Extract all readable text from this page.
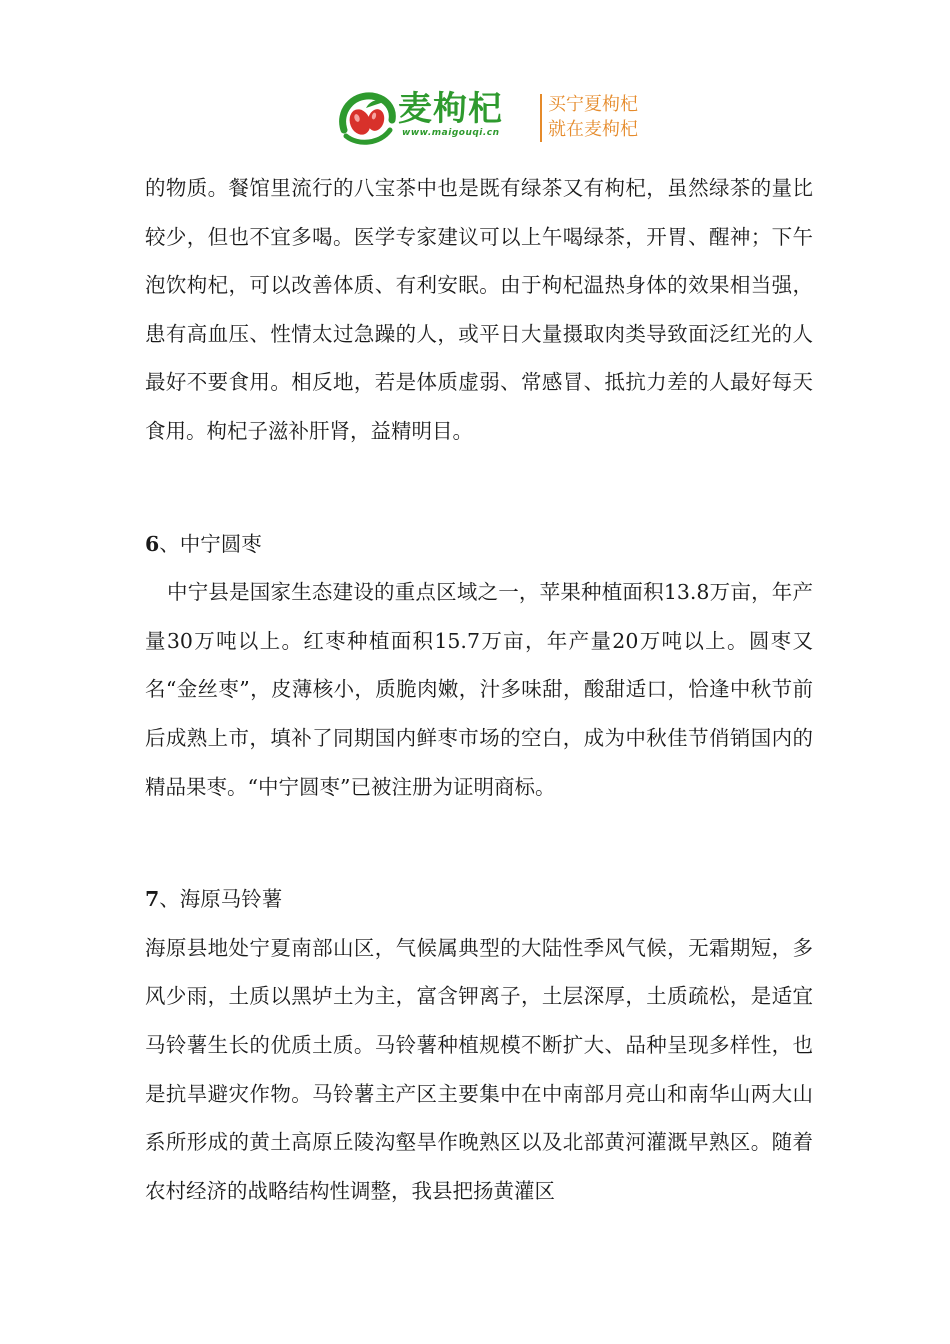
麦枸杞
www.maigouqi.cn
买宁夏枸杞
就在麦枸杞

的物质。餐馆里流行的八宝茶中也是既有绿茶又有枸杞，虽然绿茶的量比较少，但也不宜多喝。医学专家建议可以上午喝绿茶，开胃、醒神；下午泡饮枸杞，可以改善体质、有利安眠。由于枸杞温热身体的效果相当强，患有高血压、性情太过急躁的人，或平日大量摄取肉类导致面泛红光的人最好不要食用。相反地，若是体质虚弱、常感冒、抵抗力差的人最好每天食用。枸杞子滋补肝肾，益精明目。

6、中宁圆枣

中宁县是国家生态建设的重点区域之一，苹果种植面积13.8万亩，年产量30万吨以上。红枣种植面积15.7万亩，年产量20万吨以上。圆枣又名“金丝枣”，皮薄核小，质脆肉嫩，汁多味甜，酸甜适口，恰逢中秋节前后成熟上市，填补了同期国内鲜枣市场的空白，成为中秋佳节俏销国内的精品果枣。“中宁圆枣”已被注册为证明商标。

7、海原马铃薯

海原县地处宁夏南部山区，气候属典型的大陆性季风气候，无霜期短，多风少雨，土质以黑垆土为主，富含钾离子，土层深厚，土质疏松，是适宜马铃薯生长的优质土质。马铃薯种植规模不断扩大、品种呈现多样性，也是抗旱避灾作物。马铃薯主产区主要集中在中南部月亮山和南华山两大山系所形成的黄土高原丘陵沟壑旱作晚熟区以及北部黄河灌溉早熟区。随着农村经济的战略结构性调整，我县把扬黄灌区
